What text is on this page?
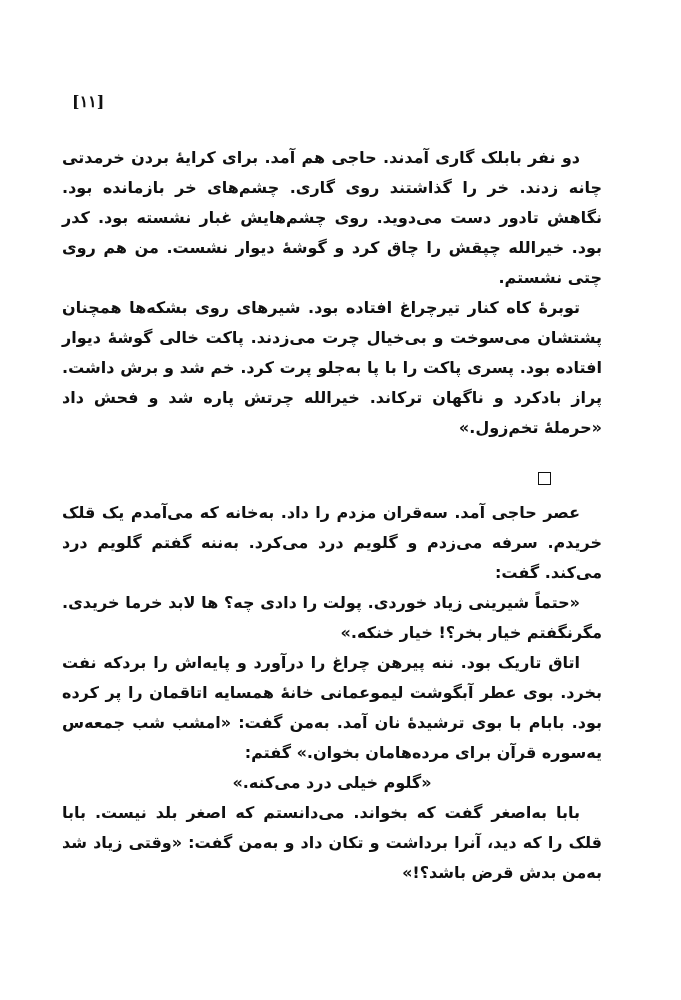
[۱۱]

دو نفر بابلک گاری آمدند. حاجی هم آمد. برای کرایهٔ بردن خرمدتی چانه زدند. خر را گذاشتند روی گاری. چشم‌های خر بازمانده بود. نگاهش تادور دست می‌دوید. روی چشم‌هایش غبار نشسته بود. کدر بود. خیرالله چپقش را چاق کرد و گوشهٔ دیوار نشست. من هم روی چتی نشستم.

توبرهٔ کاه کنار تیرچراغ افتاده بود. شیرهای روی بشکه‌ها همچنان پشتشان می‌سوخت و بی‌خیال چرت می‌زدند. پاکت خالی گوشهٔ دیوار افتاده بود. پسری پاکت را با پا به‌جلو پرت کرد. خم شد و برش داشت. پراز بادکرد و ناگهان ترکاند. خیرالله چرتش پاره شد و فحش داد «حرملهٔ تخم‌زول.»

عصر حاجی آمد. سه‌قران مزدم را داد. به‌خانه که می‌آمدم یک قلک خریدم. سرفه می‌زدم و گلویم درد می‌کرد. به‌ننه گفتم گلویم درد می‌کند. گفت:

«حتماً شیرینی زیاد خوردی. پولت را دادی چه؟ ها لابد خرما خریدی. مگرنگفتم خیار بخر؟! خیار خنکه.»

اتاق تاریک بود. ننه پیرهن چراغ را درآورد و پایه‌اش را بردکه نفت بخرد. بوی عطر آبگوشت لیموعمانی خانهٔ همسایه اتاقمان را پر کرده بود. بابام با بوی ترشیدهٔ نان آمد. به‌من گفت: «امشب شب جمعه‌س یه‌سوره قرآن برای مرده‌هامان بخوان.» گفتم:

«گلوم خیلی درد می‌کنه.»

بابا به‌اصغر گفت که بخواند. می‌دانستم که اصغر بلد نیست. بابا قلک را که دید، آنرا برداشت و تکان داد و به‌من گفت: «وقتی زیاد شد به‌من بدش قرض باشد؟!»
